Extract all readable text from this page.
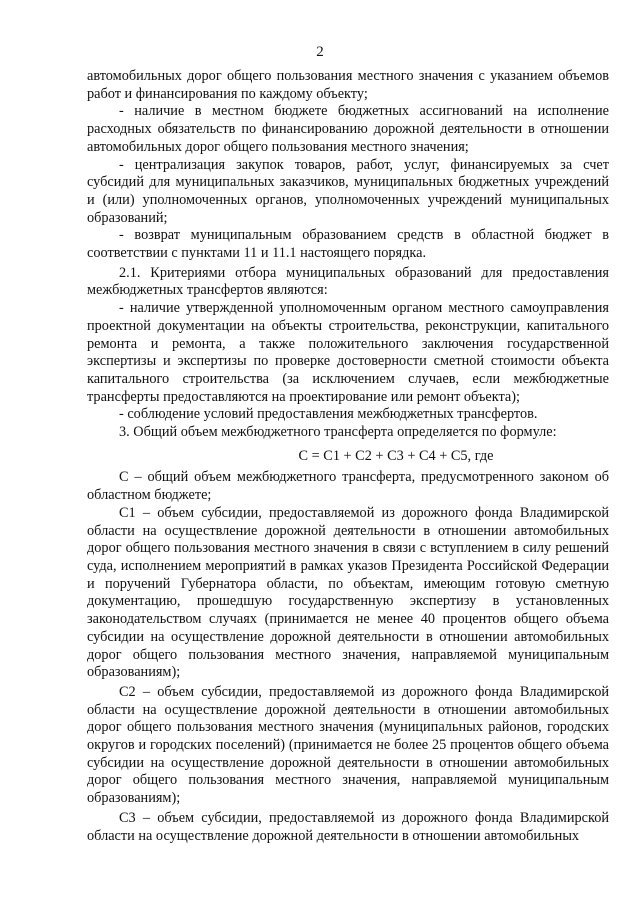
2

автомобильных дорог общего пользования местного значения с указанием объемов работ и финансирования по каждому объекту;

- наличие в местном бюджете бюджетных ассигнований на исполнение расходных обязательств по финансированию дорожной деятельности в отношении автомобильных дорог общего пользования местного значения;

- централизация закупок товаров, работ, услуг, финансируемых за счет субсидий для муниципальных заказчиков, муниципальных бюджетных учреждений и (или) уполномоченных органов, уполномоченных учреждений муниципальных образований;

- возврат муниципальным образованием средств в областной бюджет в соответствии с пунктами 11 и 11.1 настоящего порядка.

2.1. Критериями отбора муниципальных образований для предоставления межбюджетных трансфертов являются:

- наличие утвержденной уполномоченным органом местного самоуправления проектной документации на объекты строительства, реконструкции, капитального ремонта и ремонта, а также положительного заключения государственной экспертизы и экспертизы по проверке достоверности сметной стоимости объекта капитального строительства (за исключением случаев, если межбюджетные трансферты предоставляются на проектирование или ремонт объекта);

- соблюдение условий предоставления межбюджетных трансфертов.

3. Общий объем межбюджетного трансферта определяется по формуле:

С = С1 + С2 + С3 + С4 + С5, где

С – общий объем межбюджетного трансферта, предусмотренного законом об областном бюджете;

С1 – объем субсидии, предоставляемой из дорожного фонда Владимирской области на осуществление дорожной деятельности в отношении автомобильных дорог общего пользования местного значения в связи с вступлением в силу решений суда, исполнением мероприятий в рамках указов Президента Российской Федерации и поручений Губернатора области, по объектам, имеющим готовую сметную документацию, прошедшую государственную экспертизу в установленных законодательством случаях (принимается не менее 40 процентов общего объема субсидии на осуществление дорожной деятельности в отношении автомобильных дорог общего пользования местного значения, направляемой муниципальным образованиям);

С2 – объем субсидии, предоставляемой из дорожного фонда Владимирской области на осуществление дорожной деятельности в отношении автомобильных дорог общего пользования местного значения (муниципальных районов, городских округов и городских поселений) (принимается не более 25 процентов общего объема субсидии на осуществление дорожной деятельности в отношении автомобильных дорог общего пользования местного значения, направляемой муниципальным образованиям);

С3 – объем субсидии, предоставляемой из дорожного фонда Владимирской области на осуществление дорожной деятельности в отношении автомобильных
